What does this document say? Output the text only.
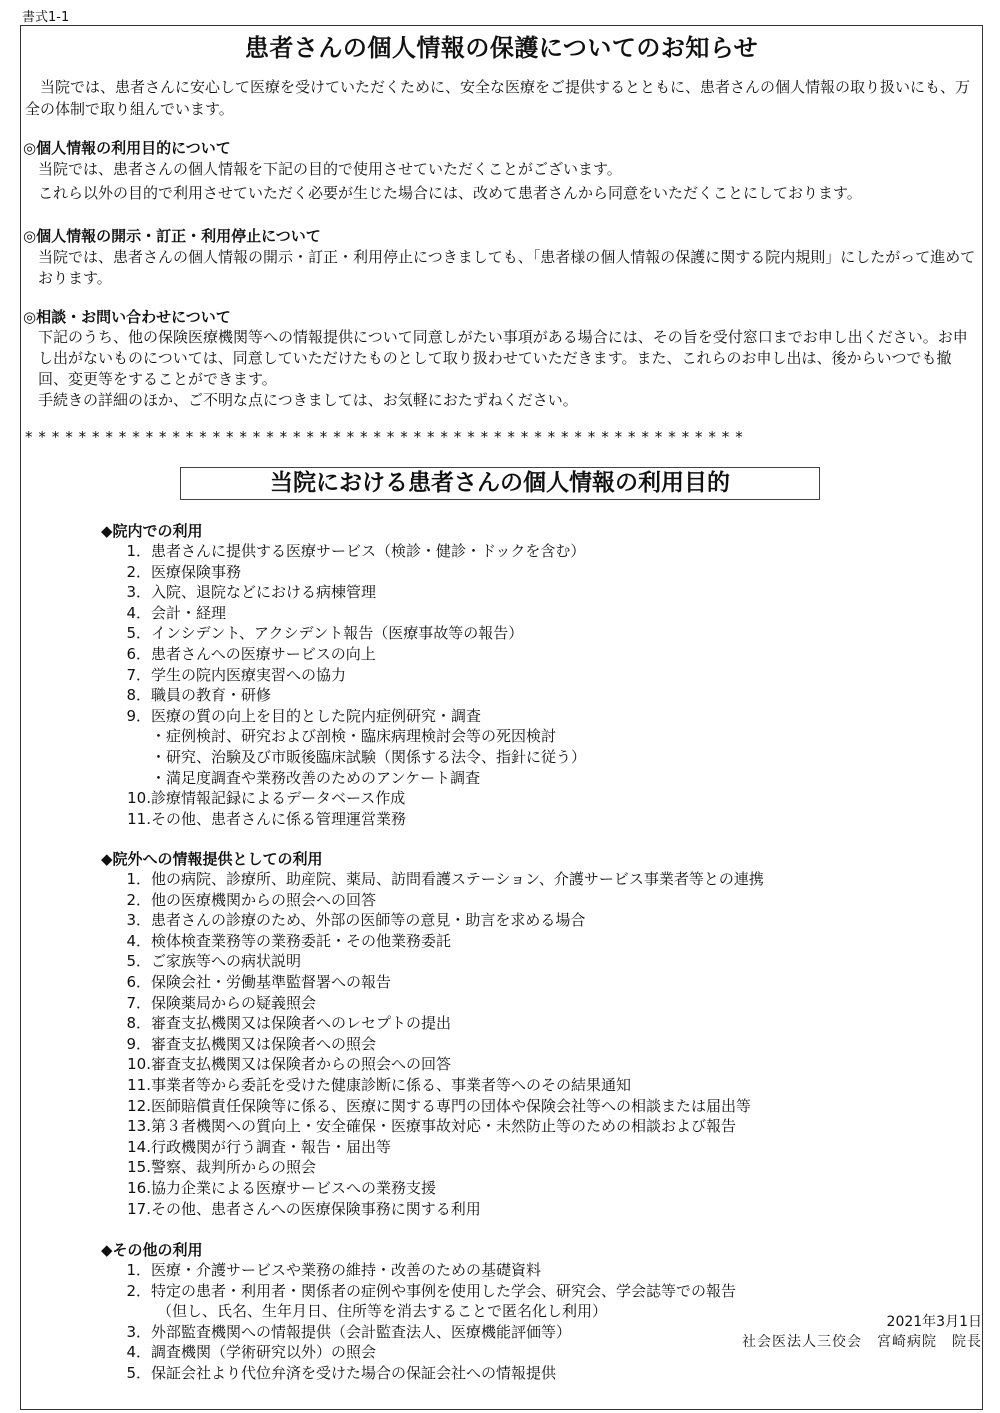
書式1-1
患者さんの個人情報の保護についてのお知らせ
当院では、患者さんに安心して医療を受けていただくために、安全な医療をご提供するとともに、患者さんの個人情報の取り扱いにも、万全の体制で取り組んでいます。
◎個人情報の利用目的について

当院では、患者さんの個人情報を下記の目的で使用させていただくことがございます。

これら以外の目的で利用させていただく必要が生じた場合には、改めて患者さんから同意をいただくことにしております。

◎個人情報の開示・訂正・利用停止について

当院では、患者さんの個人情報の開示・訂正・利用停止につきましても、「患者様の個人情報の保護に関する院内規則」にしたがって進めております。

◎相談・お問い合わせについて

下記のうち、他の保険医療機関等への情報提供について同意しがたい事項がある場合には、その旨を受付窓口までお申し出ください。お申し出がないものについては、同意していただけたものとして取り扱わせていただきます。また、これらのお申し出は、後からいつでも撤回、変更等をすることができます。

手続きの詳細のほか、ご不明な点につきましては、お気軽におたずねください。

******************************************************
当院における患者さんの個人情報の利用目的
◆院内での利用
1．患者さんに提供する医療サービス（検診・健診・ドックを含む）
2．医療保険事務
3．入院、退院などにおける病棟管理
4．会計・経理
5．インシデント、アクシデント報告（医療事故等の報告）
6．患者さんへの医療サービスの向上
7．学生の院内医療実習への協力
8．職員の教育・研修
9．医療の質の向上を目的とした院内症例研究・調査
・症例検討、研究および剖検・臨床病理検討会等の死因検討
・研究、治験及び市販後臨床試験（関係する法令、指針に従う）
・満足度調査や業務改善のためのアンケート調査
10.診療情報記録によるデータベース作成
11.その他、患者さんに係る管理運営業務
◆院外への情報提供としての利用
1．他の病院、診療所、助産院、薬局、訪問看護ステーション、介護サービス事業者等との連携
2．他の医療機関からの照会への回答
3．患者さんの診療のため、外部の医師等の意見・助言を求める場合
4．検体検査業務等の業務委託・その他業務委託
5．ご家族等への病状説明
6．保険会社・労働基準監督署への報告
7．保険薬局からの疑義照会
8．審査支払機関又は保険者へのレセプトの提出
9．審査支払機関又は保険者への照会
10.審査支払機関又は保険者からの照会への回答
11.事業者等から委託を受けた健康診断に係る、事業者等へのその結果通知
12.医師賠償責任保険等に係る、医療に関する専門の団体や保険会社等への相談または届出等
13.第３者機関への質向上・安全確保・医療事故対応・未然防止等のための相談および報告
14.行政機関が行う調査・報告・届出等
15.警察、裁判所からの照会
16.協力企業による医療サービスへの業務支援
17.その他、患者さんへの医療保険事務に関する利用
◆その他の利用
1．医療・介護サービスや業務の維持・改善のための基礎資料
2．特定の患者・利用者・関係者の症例や事例を使用した学会、研究会、学会誌等での報告
（但し、氏名、生年月日、住所等を消去することで匿名化し利用）
3．外部監査機関への情報提供（会計監査法人、医療機能評価等）
4．調査機関（学術研究以外）の照会
5．保証会社より代位弁済を受けた場合の保証会社への情報提供
2021年3月1日
社会医法人三佼会　宮崎病院　院長
